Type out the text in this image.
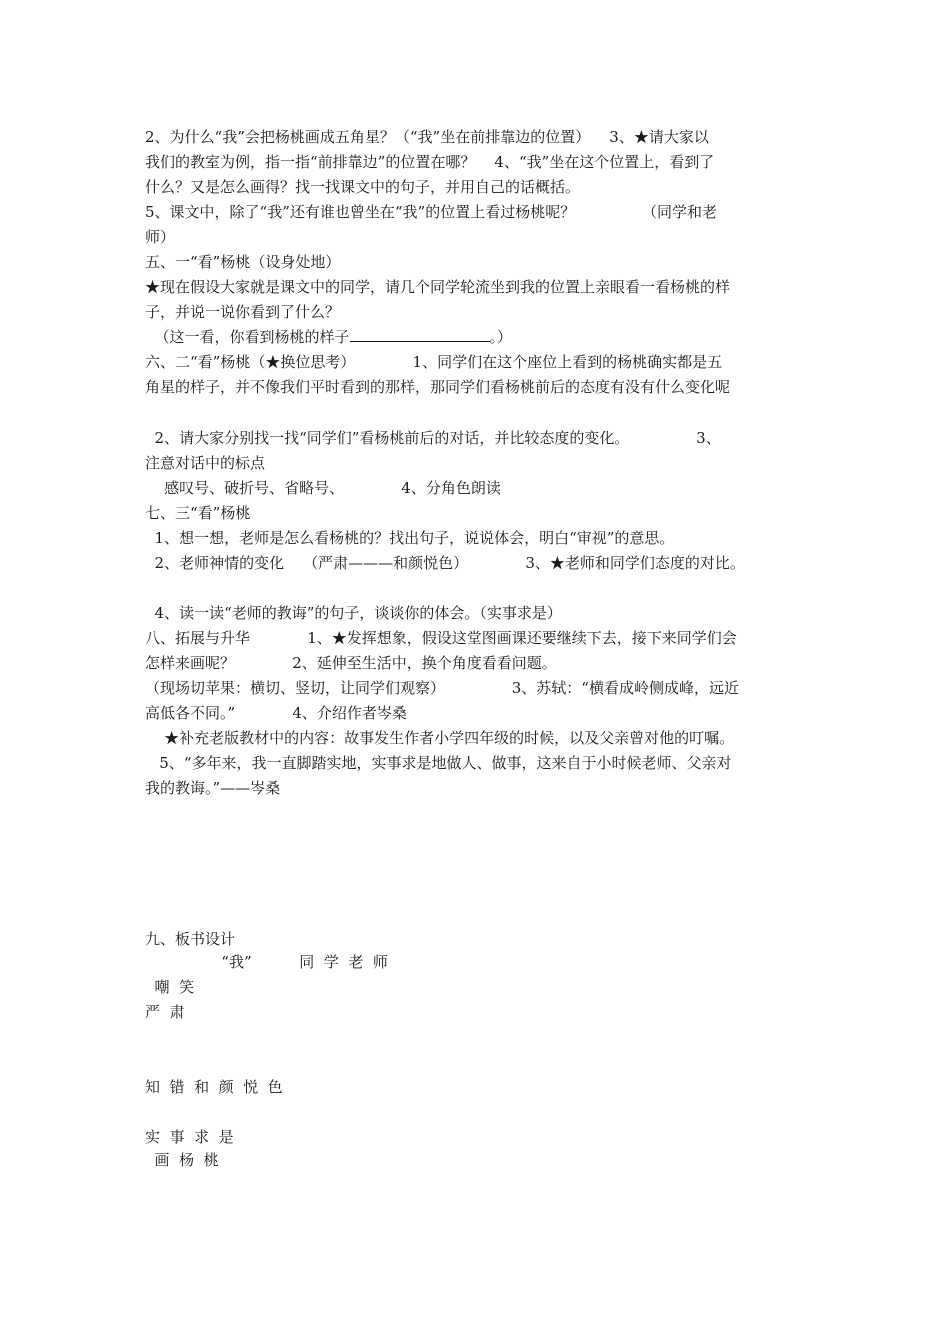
2、为什么“我”会把杨桃画成五角星？（“我”坐在前排靠边的位置）    3、★请大家以

我们的教室为例，指一指“前排靠边”的位置在哪？    4、“我”坐在这个位置上，看到了

什么？又是怎么画得？找一找课文中的句子，并用自己的话概括。

5、课文中，除了“我”还有谁也曾坐在“我”的位置上看过杨桃呢？              （同学和老

师）

五、一“看”杨桃（设身处地）

★现在假设大家就是课文中的同学，请几个同学轮流坐到我的位置上亲眼看一看杨桃的样

子，并说一说你看到了什么？

（这一看，你看到杨桃的样子	。）

六、二“看”杨桃（★换位思考）            1、同学们在这个座位上看到的杨桃确实都是五

角星的样子，并不像我们平时看到的那样，那同学们看杨桃前后的态度有没有什么变化呢

2、请大家分别找一找“同学们”看杨桃前后的对话，并比较态度的变化。              3、

注意对话中的标点

感叹号、破折号、省略号、            4、分角色朗读

七、三“看”杨桃

1、想一想，老师是怎么看杨桃的？找出句子，说说体会，明白“审视”的意思。

2、老师神情的变化    （严肃———和颜悦色）            3、★老师和同学们态度的对比。

4、读一读“老师的教诲”的句子，谈谈你的体会。（实事求是）

八、拓展与升华            1、★发挥想象，假设这堂图画课还要继续下去，接下来同学们会

怎样来画呢？            2、延伸至生活中，换个角度看看问题。

（现场切苹果：横切、竖切，让同学们观察）              3、苏轼：“横看成岭侧成峰，远近

高低各不同。”            4、介绍作者岑桑

★补充老版教材中的内容：故事发生作者小学四年级的时候，以及父亲曾对他的叮嘱。

5、“多年来，我一直脚踏实地，实事求是地做人、做事，这来自于小时候老师、父亲对

我的教诲。”——岑桑

九、板书设计

“我”          同  学  老  师

嘲  笑

严  肃

知  错  和  颜  悦  色

实  事  求  是

画  杨  桃
